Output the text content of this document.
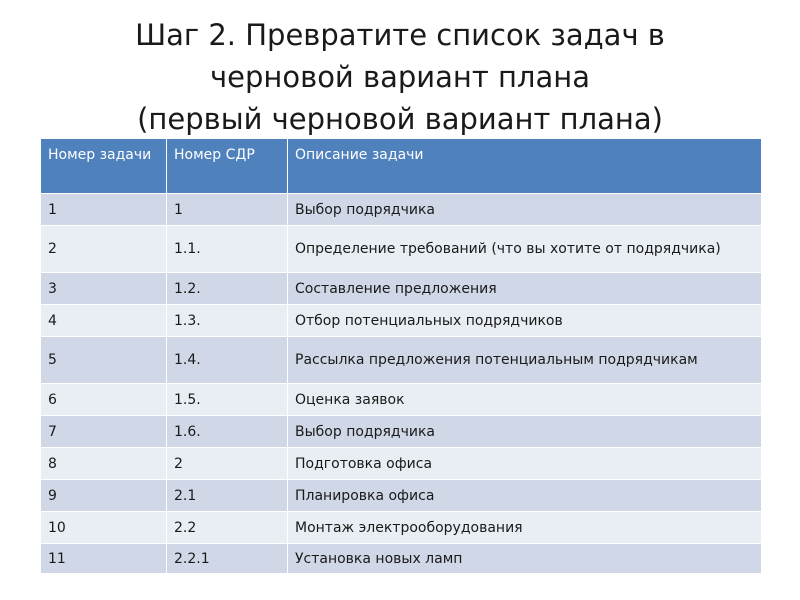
Шаг 2. Превратите список задач в
черновой вариант плана
(первый черновой вариант плана)
Номер задачи	Номер СДР	Описание задачи
1	1	Выбор подрядчика
2	1.1.	Определение требований (что вы хотите от подрядчика)
3	1.2.	Составление предложения
4	1.3.	Отбор потенциальных подрядчиков
5	1.4.	Рассылка предложения потенциальным подрядчикам
6	1.5.	Оценка заявок
7	1.6.	Выбор подрядчика
8	2	Подготовка офиса
9	2.1	Планировка офиса
10	2.2	Монтаж электрооборудования
11	2.2.1	Установка новых ламп
